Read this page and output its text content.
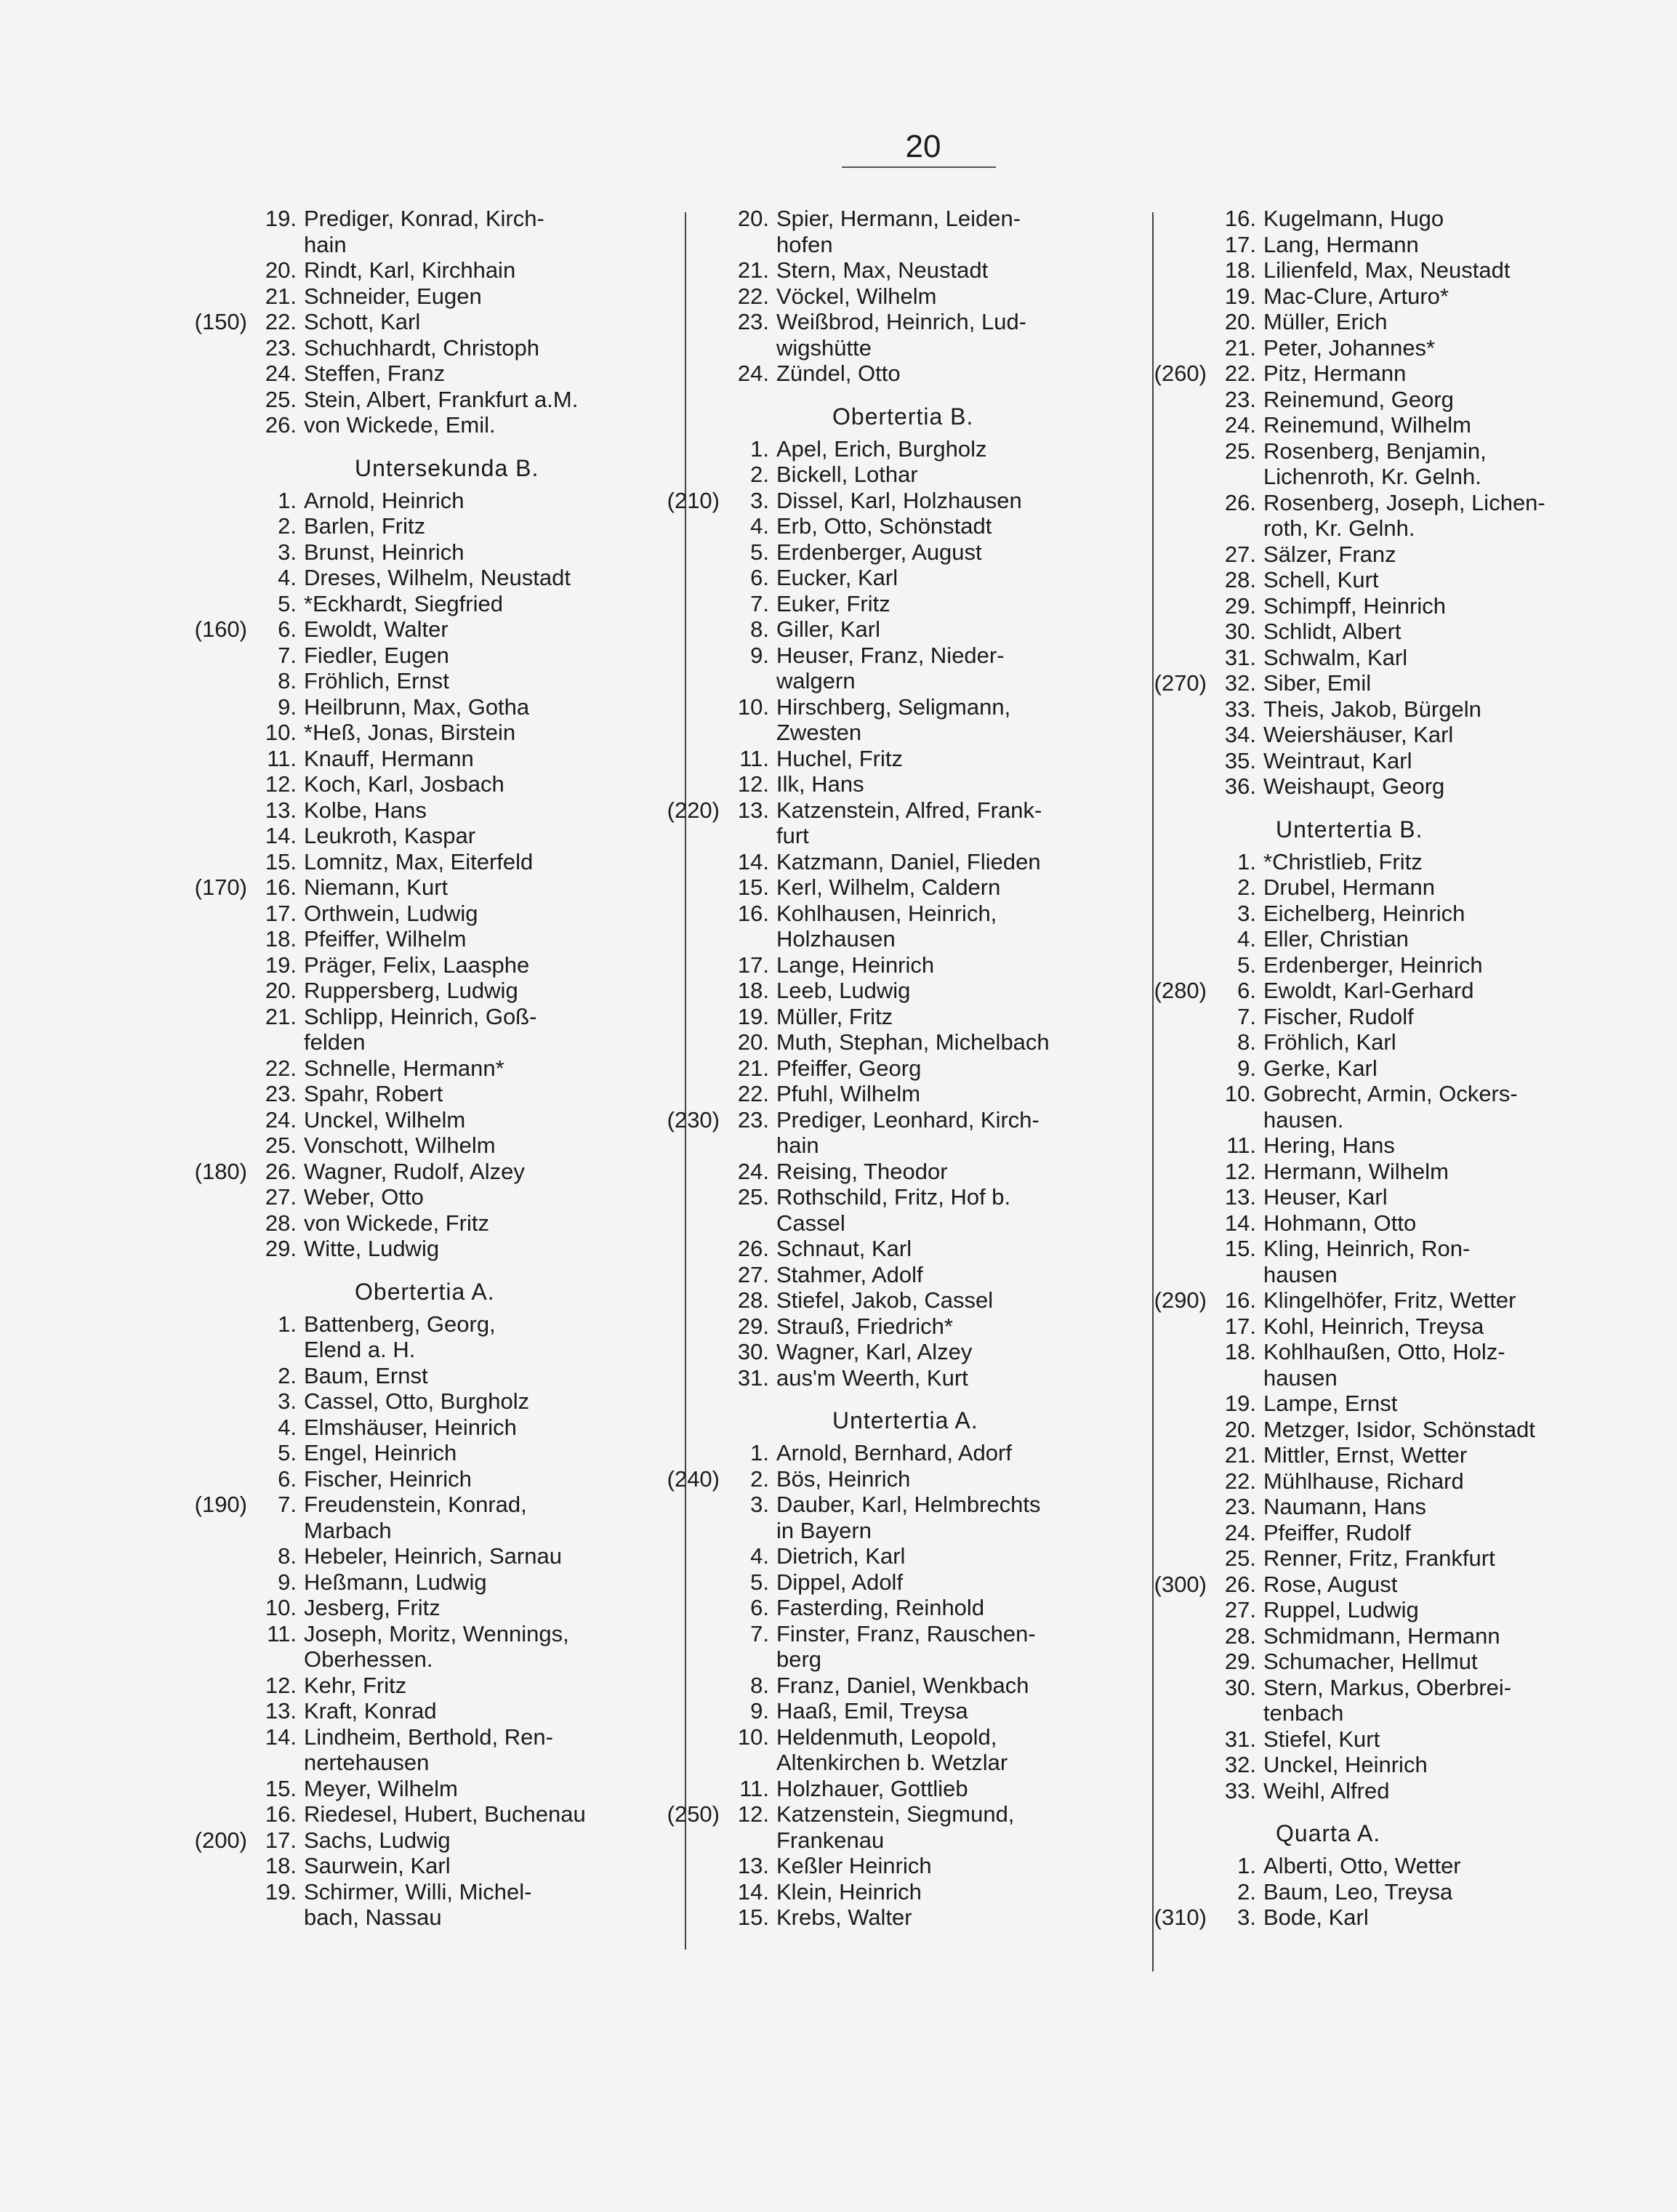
20
19. Prediger, Konrad, Kirch-
hain
20. Rindt, Karl, Kirchhain
21. Schneider, Eugen
(150) 22. Schott, Karl
23. Schuchhardt, Christoph
24. Steffen, Franz
25. Stein, Albert, Frankfurt a.M.
26. von Wickede, Emil.
Untersekunda B.
1. Arnold, Heinrich
2. Barlen, Fritz
3. Brunst, Heinrich
4. Dreses, Wilhelm, Neustadt
5. *Eckhardt, Siegfried
(160) 6. Ewoldt, Walter
7. Fiedler, Eugen
8. Fröhlich, Ernst
9. Heilbrunn, Max, Gotha
10. *Heß, Jonas, Birstein
11. Knauff, Hermann
12. Koch, Karl, Josbach
13. Kolbe, Hans
14. Leukroth, Kaspar
15. Lomnitz, Max, Eiterfeld
(170) 16. Niemann, Kurt
17. Orthwein, Ludwig
18. Pfeiffer, Wilhelm
19. Präger, Felix, Laasphe
20. Ruppersberg, Ludwig
21. Schlipp, Heinrich, Goß-
felden
22. Schnelle, Hermann*
23. Spahr, Robert
24. Unckel, Wilhelm
25. Vonschott, Wilhelm
(180) 26. Wagner, Rudolf, Alzey
27. Weber, Otto
28. von Wickede, Fritz
29. Witte, Ludwig
Obertertia A.
1. Battenberg, Georg,
Elend a. H.
2. Baum, Ernst
3. Cassel, Otto, Burgholz
4. Elmshäuser, Heinrich
5. Engel, Heinrich
6. Fischer, Heinrich
(190) 7. Freudenstein, Konrad,
Marbach
8. Hebeler, Heinrich, Sarnau
9. Heßmann, Ludwig
10. Jesberg, Fritz
11. Joseph, Moritz, Wennings,
Oberhessen.
12. Kehr, Fritz
13. Kraft, Konrad
14. Lindheim, Berthold, Ren-
nertehausen
15. Meyer, Wilhelm
16. Riedesel, Hubert, Buchenau
(200) 17. Sachs, Ludwig
18. Saurwein, Karl
19. Schirmer, Willi, Michel-
bach, Nassau
20. Spier, Hermann, Leiden-
hofen
21. Stern, Max, Neustadt
22. Vöckel, Wilhelm
23. Weißbrod, Heinrich, Lud-
wigshütte
24. Zündel, Otto
Obertertia B.
1. Apel, Erich, Burgholz
2. Bickell, Lothar
(210) 3. Dissel, Karl, Holzhausen
4. Erb, Otto, Schönstadt
5. Erdenberger, August
6. Eucker, Karl
7. Euker, Fritz
8. Giller, Karl
9. Heuser, Franz, Nieder-
walgern
10. Hirschberg, Seligmann,
Zwesten
11. Huchel, Fritz
12. Ilk, Hans
(220) 13. Katzenstein, Alfred, Frank-
furt
14. Katzmann, Daniel, Flieden
15. Kerl, Wilhelm, Caldern
16. Kohlhausen, Heinrich,
Holzhausen
17. Lange, Heinrich
18. Leeb, Ludwig
19. Müller, Fritz
20. Muth, Stephan, Michelbach
21. Pfeiffer, Georg
22. Pfuhl, Wilhelm
(230) 23. Prediger, Leonhard, Kirch-
hain
24. Reising, Theodor
25. Rothschild, Fritz, Hof b.
Cassel
26. Schnaut, Karl
27. Stahmer, Adolf
28. Stiefel, Jakob, Cassel
29. Strauß, Friedrich*
30. Wagner, Karl, Alzey
31. aus'm Weerth, Kurt
Untertertia A.
1. Arnold, Bernhard, Adorf
(240) 2. Bös, Heinrich
3. Dauber, Karl, Helmbrechts
in Bayern
4. Dietrich, Karl
5. Dippel, Adolf
6. Fasterding, Reinhold
7. Finster, Franz, Rauschen-
berg
8. Franz, Daniel, Wenkbach
9. Haaß, Emil, Treysa
10. Heldenmuth, Leopold,
Altenkirchen b. Wetzlar
11. Holzhauer, Gottlieb
(250) 12. Katzenstein, Siegmund,
Frankenau
13. Keßler Heinrich
14. Klein, Heinrich
15. Krebs, Walter
16. Kugelmann, Hugo
17. Lang, Hermann
18. Lilienfeld, Max, Neustadt
19. Mac-Clure, Arturo*
20. Müller, Erich
21. Peter, Johannes*
(260) 22. Pitz, Hermann
23. Reinemund, Georg
24. Reinemund, Wilhelm
25. Rosenberg, Benjamin,
Lichenroth, Kr. Gelnh.
26. Rosenberg, Joseph, Lichen-
roth, Kr. Gelnh.
27. Sälzer, Franz
28. Schell, Kurt
29. Schimpff, Heinrich
30. Schlidt, Albert
31. Schwalm, Karl
(270) 32. Siber, Emil
33. Theis, Jakob, Bürgeln
34. Weiershäuser, Karl
35. Weintraut, Karl
36. Weishaupt, Georg
Untertertia B.
1. *Christlieb, Fritz
2. Drubel, Hermann
3. Eichelberg, Heinrich
4. Eller, Christian
5. Erdenberger, Heinrich
(280) 6. Ewoldt, Karl-Gerhard
7. Fischer, Rudolf
8. Fröhlich, Karl
9. Gerke, Karl
10. Gobrecht, Armin, Ockers-
hausen.
11. Hering, Hans
12. Hermann, Wilhelm
13. Heuser, Karl
14. Hohmann, Otto
15. Kling, Heinrich, Ron-
hausen
(290) 16. Klingelhöfer, Fritz, Wetter
17. Kohl, Heinrich, Treysa
18. Kohlhaußen, Otto, Holz-
hausen
19. Lampe, Ernst
20. Metzger, Isidor, Schönstadt
21. Mittler, Ernst, Wetter
22. Mühlhause, Richard
23. Naumann, Hans
24. Pfeiffer, Rudolf
25. Renner, Fritz, Frankfurt
(300) 26. Rose, August
27. Ruppel, Ludwig
28. Schmidmann, Hermann
29. Schumacher, Hellmut
30. Stern, Markus, Oberbrei-
tenbach
31. Stiefel, Kurt
32. Unckel, Heinrich
33. Weihl, Alfred
Quarta A.
1. Alberti, Otto, Wetter
2. Baum, Leo, Treysa
(310) 3. Bode, Karl
